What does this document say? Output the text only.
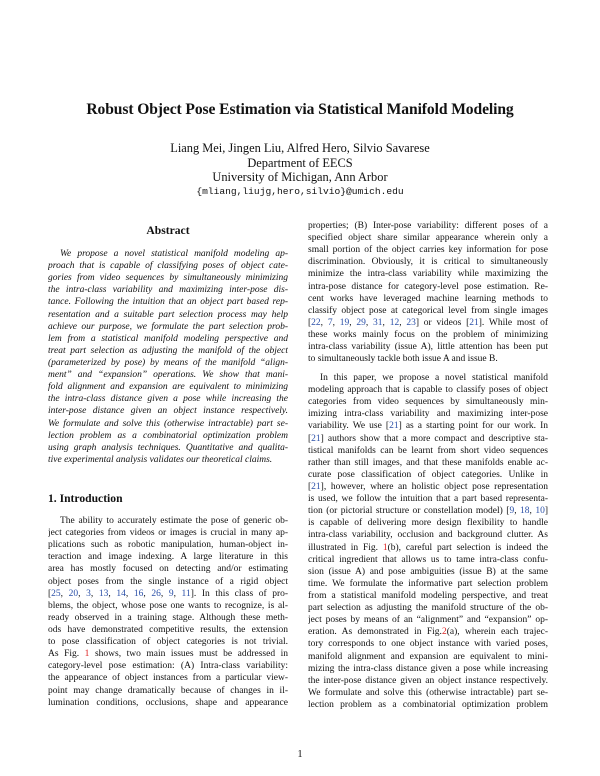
Robust Object Pose Estimation via Statistical Manifold Modeling
Liang Mei, Jingen Liu, Alfred Hero, Silvio Savarese
Department of EECS
University of Michigan, Ann Arbor
{mliang,liujg,hero,silvio}@umich.edu
Abstract
We propose a novel statistical manifold modeling ap-
proach that is capable of classifying poses of object cate-
gories from video sequences by simultaneously minimizing
the intra-class variability and maximizing inter-pose dis-
tance. Following the intuition that an object part based rep-
resentation and a suitable part selection process may help
achieve our purpose, we formulate the part selection prob-
lem from a statistical manifold modeling perspective and
treat part selection as adjusting the manifold of the object
(parameterized by pose) by means of the manifold “align-
ment” and “expansion” operations. We show that mani-
fold alignment and expansion are equivalent to minimizing
the intra-class distance given a pose while increasing the
inter-pose distance given an object instance respectively.
We formulate and solve this (otherwise intractable) part se-
lection problem as a combinatorial optimization problem
using graph analysis techniques. Quantitative and qualita-
tive experimental analysis validates our theoretical claims.
1. Introduction
The ability to accurately estimate the pose of generic ob-
ject categories from videos or images is crucial in many ap-
plications such as robotic manipulation, human-object in-
teraction and image indexing. A large literature in this
area has mostly focused on detecting and/or estimating
object poses from the single instance of a rigid object
[25, 20, 3, 13, 14, 16, 26, 9, 11]. In this class of pro-
blems, the object, whose pose one wants to recognize, is al-
ready observed in a training stage. Although these meth-
ods have demonstrated competitive results, the extension
to pose classification of object categories is not trivial.
As Fig. 1 shows, two main issues must be addressed in
category-level pose estimation: (A) Intra-class variability:
the appearance of object instances from a particular view-
point may change dramatically because of changes in il-
lumination conditions, occlusions, shape and appearance
properties; (B) Inter-pose variability: different poses of a
specified object share similar appearance wherein only a
small portion of the object carries key information for pose
discrimination. Obviously, it is critical to simultaneously
minimize the intra-class variability while maximizing the
intra-pose distance for category-level pose estimation. Re-
cent works have leveraged machine learning methods to
classify object pose at categorical level from single images
[22, 7, 19, 29, 31, 12, 23] or videos [21]. While most of
these works mainly focus on the problem of minimizing
intra-class variability (issue A), little attention has been put
to simultaneously tackle both issue A and issue B.
In this paper, we propose a novel statistical manifold
modeling approach that is capable to classify poses of object
categories from video sequences by simultaneously min-
imizing intra-class variability and maximizing inter-pose
variability. We use [21] as a starting point for our work. In
[21] authors show that a more compact and descriptive sta-
tistical manifolds can be learnt from short video sequences
rather than still images, and that these manifolds enable ac-
curate pose classification of object categories. Unlike in
[21], however, where an holistic object pose representation
is used, we follow the intuition that a part based representa-
tion (or pictorial structure or constellation model) [9, 18, 10]
is capable of delivering more design flexibility to handle
intra-class variability, occlusion and background clutter. As
illustrated in Fig. 1(b), careful part selection is indeed the
critical ingredient that allows us to tame intra-class confu-
sion (issue A) and pose ambiguities (issue B) at the same
time. We formulate the informative part selection problem
from a statistical manifold modeling perspective, and treat
part selection as adjusting the manifold structure of the ob-
ject poses by means of an “alignment” and “expansion” op-
eration. As demonstrated in Fig.2(a), wherein each trajec-
tory corresponds to one object instance with varied poses,
manifold alignment and expansion are equivalent to mini-
mizing the intra-class distance given a pose while increasing
the inter-pose distance given an object instance respectively.
We formulate and solve this (otherwise intractable) part se-
lection problem as a combinatorial optimization problem
1
